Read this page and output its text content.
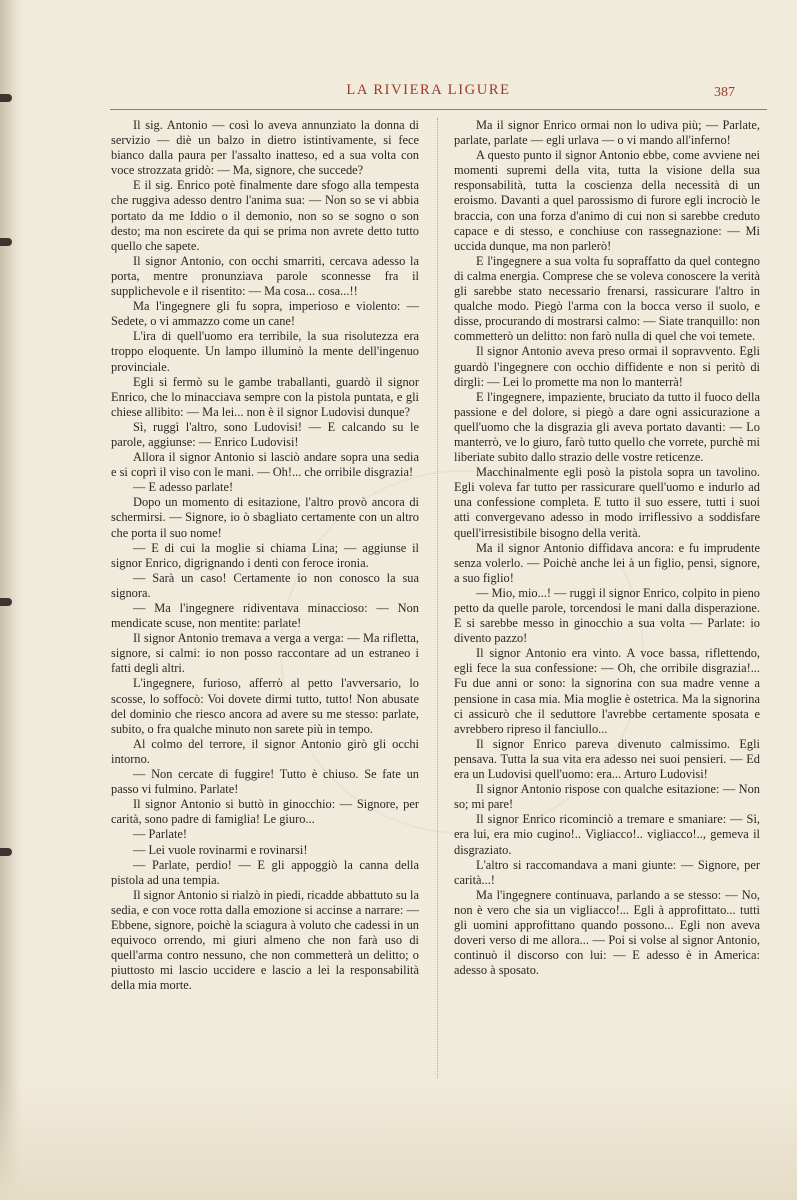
LA RIVIERA LIGURE	387

Il sig. Antonio — così lo aveva annunziato la donna di servizio — diè un balzo in dietro istintivamente, si fece bianco dalla paura per l'assalto inatteso, ed a sua volta con voce strozzata gridò: — Ma, signore, che succede?

E il sig. Enrico potè finalmente dare sfogo alla tempesta che ruggiva adesso dentro l'anima sua: — Non so se vi abbia portato da me Iddio o il demonio, non so se sogno o son desto; ma non escirete da qui se prima non avrete detto tutto quello che sapete.

Il signor Antonio, con occhi smarriti, cercava adesso la porta, mentre pronunziava parole sconnesse fra il supplichevole e il risentito: — Ma cosa... cosa...!!

Ma l'ingegnere gli fu sopra, imperioso e violento: — Sedete, o vi ammazzo come un cane!

L'ira di quell'uomo era terribile, la sua risolutezza era troppo eloquente. Un lampo illuminò la mente dell'ingenuo provinciale.

Egli si fermò su le gambe traballanti, guardò il signor Enrico, che lo minacciava sempre con la pistola puntata, e gli chiese allibito: — Ma lei... non è il signor Ludovisi dunque?

Sì, ruggì l'altro, sono Ludovisi! — E calcando su le parole, aggiunse: — Enrico Ludovisi!

Allora il signor Antonio si lasciò andare sopra una sedia e si coprì il viso con le mani. — Oh!... che orribile disgrazia!

— E adesso parlate!

Dopo un momento di esitazione, l'altro provò ancora di schermirsi. — Signore, io ò sbagliato certamente con un altro che porta il suo nome!

— E di cui la moglie si chiama Lina; — aggiunse il signor Enrico, digrignando i denti con feroce ironia.

— Sarà un caso! Certamente io non conosco la sua signora.

— Ma l'ingegnere ridiventava minaccioso: — Non mendicate scuse, non mentite: parlate!

Il signor Antonio tremava a verga a verga: — Ma rifletta, signore, si calmi: io non posso raccontare ad un estraneo i fatti degli altri.

L'ingegnere, furioso, afferrò al petto l'avversario, lo scosse, lo soffocò: Voi dovete dirmi tutto, tutto! Non abusate del dominio che riesco ancora ad avere su me stesso: parlate, subito, o fra qualche minuto non sarete più in tempo.

Al colmo del terrore, il signor Antonio girò gli occhi intorno.

— Non cercate di fuggire! Tutto è chiuso. Se fate un passo vi fulmino. Parlate!

Il signor Antonio si buttò in ginocchio: — Signore, per carità, sono padre di famiglia! Le giuro...

— Parlate!

— Lei vuole rovinarmi e rovinarsi!

— Parlate, perdio! — E gli appoggiò la canna della pistola ad una tempia.

Il signor Antonio si rialzò in piedi, ricadde abbattuto su la sedia, e con voce rotta dalla emozione si accinse a narrare: — Ebbene, signore, poichè la sciagura à voluto che cadessi in un equivoco orrendo, mi giuri almeno che non farà uso di quell'arma contro nessuno, che non commetterà un delitto; o piuttosto mi lascio uccidere e lascio a lei la responsabilità della mia morte.

Ma il signor Enrico ormai non lo udiva più; — Parlate, parlate, parlate — egli urlava — o vi mando all'inferno!

A questo punto il signor Antonio ebbe, come avviene nei momenti supremi della vita, tutta la visione della sua responsabilità, tutta la coscienza della necessità di un eroismo. Davanti a quel parossismo di furore egli incrociò le braccia, con una forza d'animo di cui non si sarebbe creduto capace e di stesso, e conchiuse con rassegnazione: — Mi uccida dunque, ma non parlerò!

E l'ingegnere a sua volta fu sopraffatto da quel contegno di calma energia. Comprese che se voleva conoscere la verità gli sarebbe stato necessario frenarsi, rassicurare l'altro in qualche modo. Piegò l'arma con la bocca verso il suolo, e disse, procurando di mostrarsi calmo: — Siate tranquillo: non commetterò un delitto: non farò nulla di quel che voi temete.

Il signor Antonio aveva preso ormai il sopravvento. Egli guardò l'ingegnere con occhio diffidente e non si peritò di dirgli: — Lei lo promette ma non lo manterrà!

E l'ingegnere, impaziente, bruciato da tutto il fuoco della passione e del dolore, si piegò a dare ogni assicurazione a quell'uomo che la disgrazia gli aveva portato davanti: — Lo manterrò, ve lo giuro, farò tutto quello che vorrete, purchè mi liberiate subito dallo strazio delle vostre reticenze.

Macchinalmente egli posò la pistola sopra un tavolino. Egli voleva far tutto per rassicurare quell'uomo e indurlo ad una confessione completa. E tutto il suo essere, tutti i suoi atti convergevano adesso in modo irriflessivo a soddisfare quell'irresistibile bisogno della verità.

Ma il signor Antonio diffidava ancora: e fu imprudente senza volerlo. — Poichè anche lei à un figlio, pensi, signore, a suo figlio!

— Mio, mio...! — ruggì il signor Enrico, colpito in pieno petto da quelle parole, torcendosi le mani dalla disperazione. E si sarebbe messo in ginocchio a sua volta — Parlate: io divento pazzo!

Il signor Antonio era vinto. A voce bassa, riflettendo, egli fece la sua confessione: — Oh, che orribile disgrazia!... Fu due anni or sono: la signorina con sua madre venne a pensione in casa mia. Mia moglie è ostetrica. Ma la signorina ci assicurò che il seduttore l'avrebbe certamente sposata e avrebbero ripreso il fanciullo...

Il signor Enrico pareva divenuto calmissimo. Egli pensava. Tutta la sua vita era adesso nei suoi pensieri. — Ed era un Ludovisi quell'uomo: era... Arturo Ludovisi!

Il signor Antonio rispose con qualche esitazione: — Non so; mi pare!

Il signor Enrico ricominciò a tremare e smaniare: — Sì, era lui, era mio cugino!.. Vigliacco!.. vigliacco!.., gemeva il disgraziato.

L'altro si raccomandava a mani giunte: — Signore, per carità...!

Ma l'ingegnere continuava, parlando a se stesso: — No, non è vero che sia un vigliacco!... Egli à approfittato... tutti gli uomini approfittano quando possono... Egli non aveva doveri verso di me allora... — Poi si volse al signor Antonio, continuò il discorso con lui: — E adesso è in America: adesso à sposato.
